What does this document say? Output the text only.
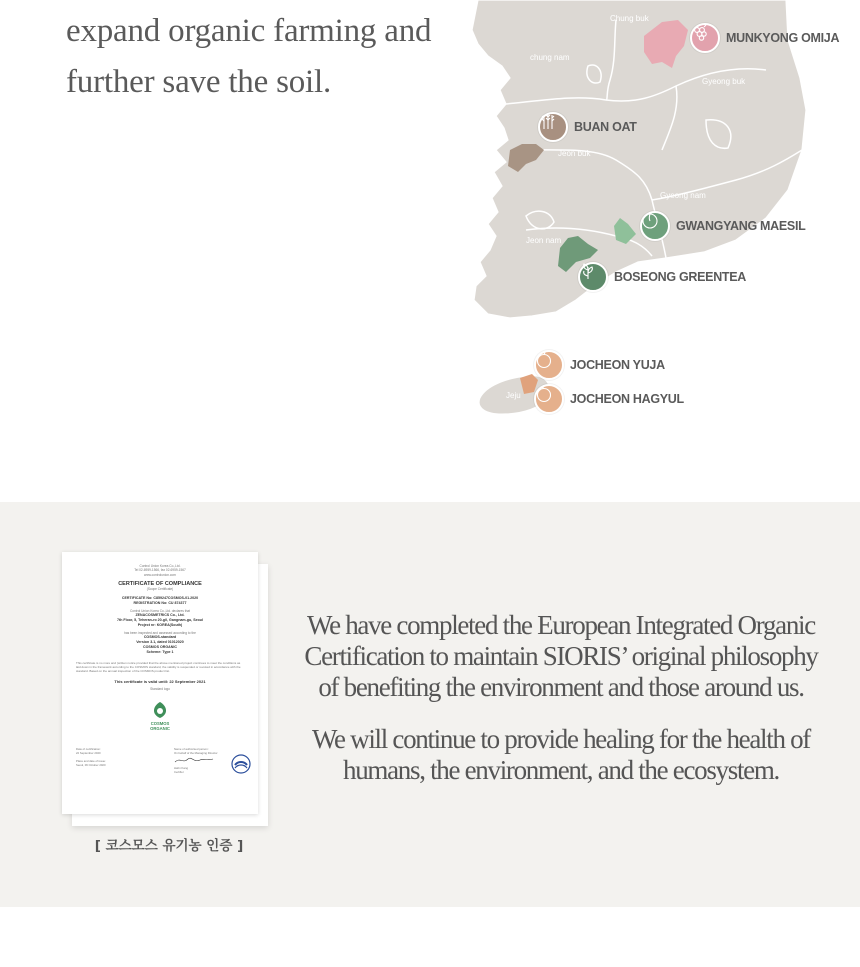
expand organic farming and
further save the soil.
Chung buk
chung nam
Gyeong buk
Jeon buk
Gyeong nam
Jeon nam
Jeju
MUNKYONG OMIJA
BUAN OAT
GWANGYANG MAESIL
BOSEONG GREENTEA
JOCHEON YUJA
JOCHEON HAGYUL
Control Union Korea Co.,Ltd.
Tel 02-6959-1566, fax 02-6959-1567
www.controlunion.com
CERTIFICATE OF COMPLIANCE
(Scope Certificate)
CERTIFICATE No: C859247COSMOS-01.2020
REGISTRATION No: CU 874377
Control Union Korea Co.,Ltd. declares that
ZENACOSMETRICS Co., Ltd.
7th Floor, 5, Teheran-ro 20-gil, Gangnam-gu, Seoul
Project nr: KOREA(South)
has been inspected and assessed according to the
COSMOS-standard
Version 3.1, dated 01012020
COSMOS ORGANIC
Scheme: Type 1
This certificate is no more and (written notice provided that the above mentioned project continues to meet the conditions as laid down in the framework according to the COSMOS standard, the validity is suspended or revoked in accordance with the standard. Based on the annual inspection of the COSMOS product list.
This certificate is valid until: 22 September 2021
Standard logo
COSMOS
ORGANIC
Date of certification:
22 September 2020

Place and date of issue:
Seoul, 06 October 2020
Name of authorised person:
On behalf of the Managing Director
Hahn Kang
Certifier
[ 코스모스 유기농 인증 ]

We have completed the European Integrated Organic Certification to maintain SIORIS’ original philosophy of benefiting the environment and those around us.

We will continue to provide healing for the health of humans, the environment, and the ecosystem.
